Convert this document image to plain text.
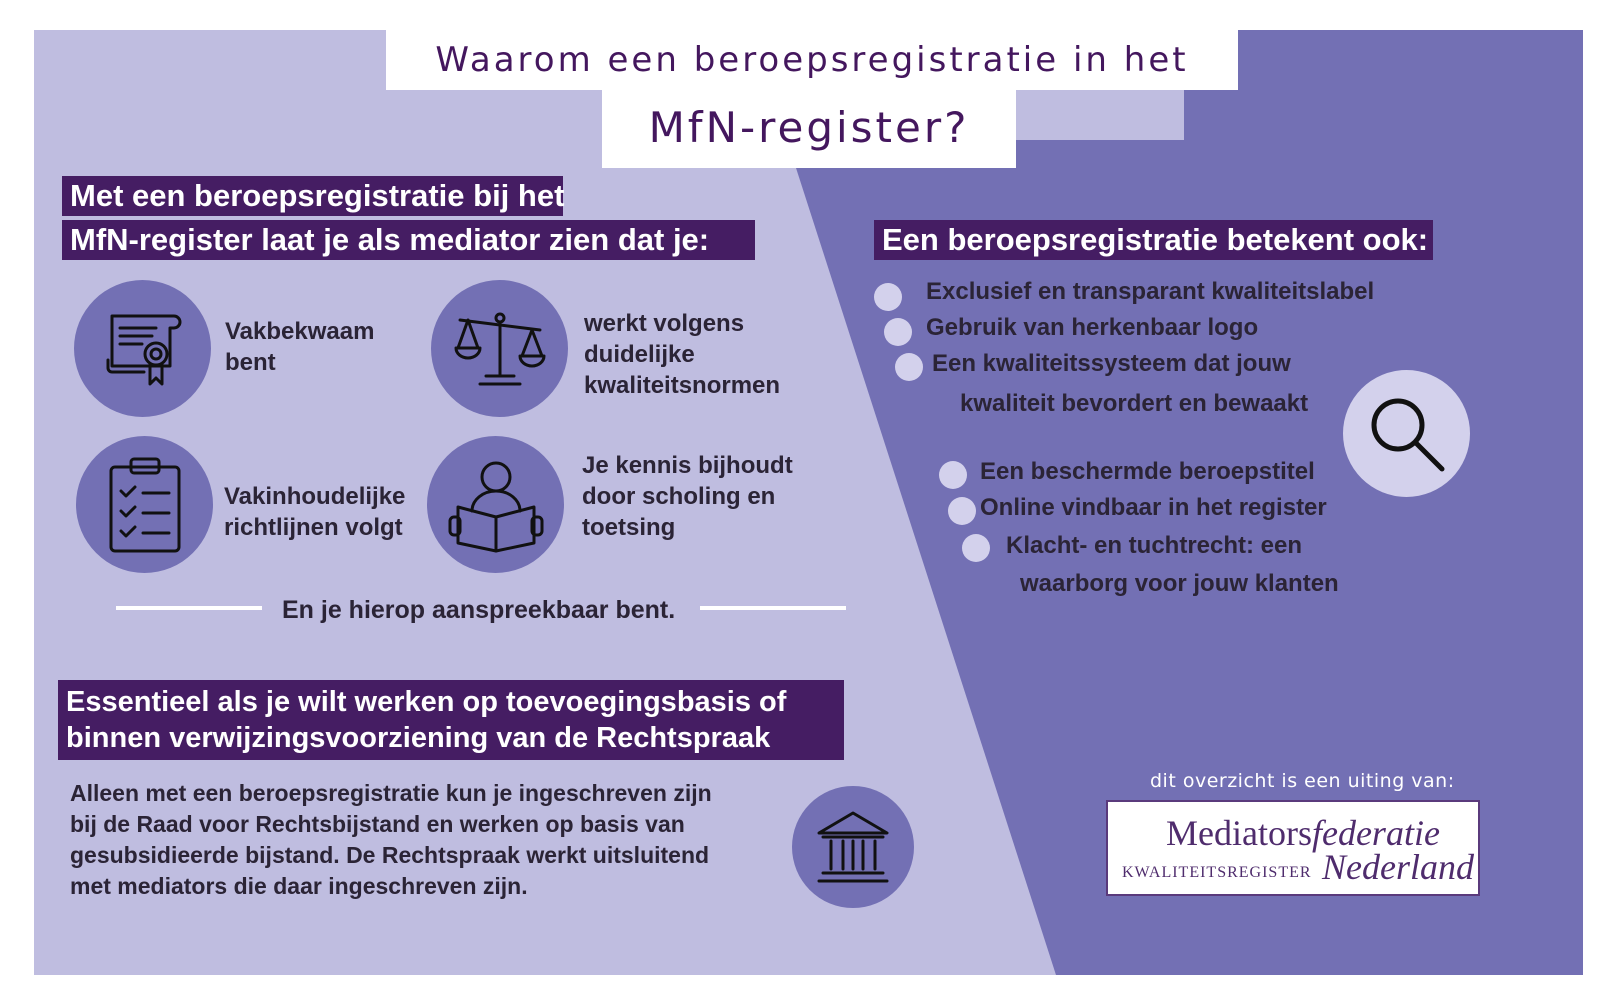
Waarom een beroepsregistratie in het
MfN-register?
Met een beroepsregistratie bij het
MfN-register laat je als mediator zien dat je:
Vakbekwaam bent
werkt volgens duidelijke kwaliteitsnormen
Vakinhoudelijke richtlijnen volgt
Je kennis bijhoudt door scholing en toetsing
En je hierop aanspreekbaar bent.
Essentieel als je wilt werken op toevoegingsbasis of
binnen verwijzingsvoorziening van de Rechtspraak
Alleen met een beroepsregistratie kun je ingeschreven zijn
bij de Raad voor Rechtsbijstand en werken op basis van
gesubsidieerde bijstand. De Rechtspraak werkt uitsluitend
met mediators die daar ingeschreven zijn.
Een beroepsregistratie betekent ook:
Exclusief en transparant kwaliteitslabel
Gebruik van herkenbaar logo
Een kwaliteitssysteem dat jouw
kwaliteit bevordert en bewaakt
Een beschermde beroepstitel
Online vindbaar in het register
Klacht- en tuchtrecht: een
waarborg voor jouw klanten
dit overzicht is een uiting van:
Mediatorsfederatie
KWALITEITSREGISTER Nederland
